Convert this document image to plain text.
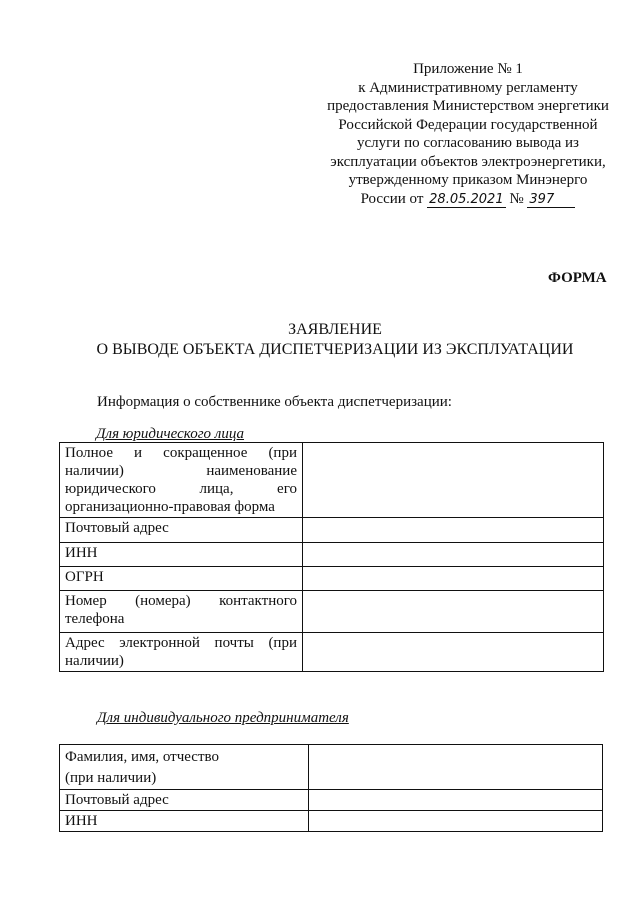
Приложение № 1
к Административному регламенту
предоставления Министерством энергетики
Российской Федерации государственной
услуги по согласованию вывода из
эксплуатации объектов электроэнергетики,
утвержденному приказом Минэнерго
России от 28.05.2021 № 397
ФОРМА
ЗАЯВЛЕНИЕ
О ВЫВОДЕ ОБЪЕКТА ДИСПЕТЧЕРИЗАЦИИ ИЗ ЭКСПЛУАТАЦИИ
Информация о собственнике объекта диспетчеризации:
Для юридического лица
Полное и сокращенное (при наличии) наименование юридического лица, его организационно-правовая форма	
Почтовый адрес	
ИНН	
ОГРН	
Номер (номера) контактного телефона	
Адрес электронной почты (при наличии)	
Для индивидуального предпринимателя
Фамилия, имя, отчество
(при наличии)	

Почтовый адрес	
ИНН	
